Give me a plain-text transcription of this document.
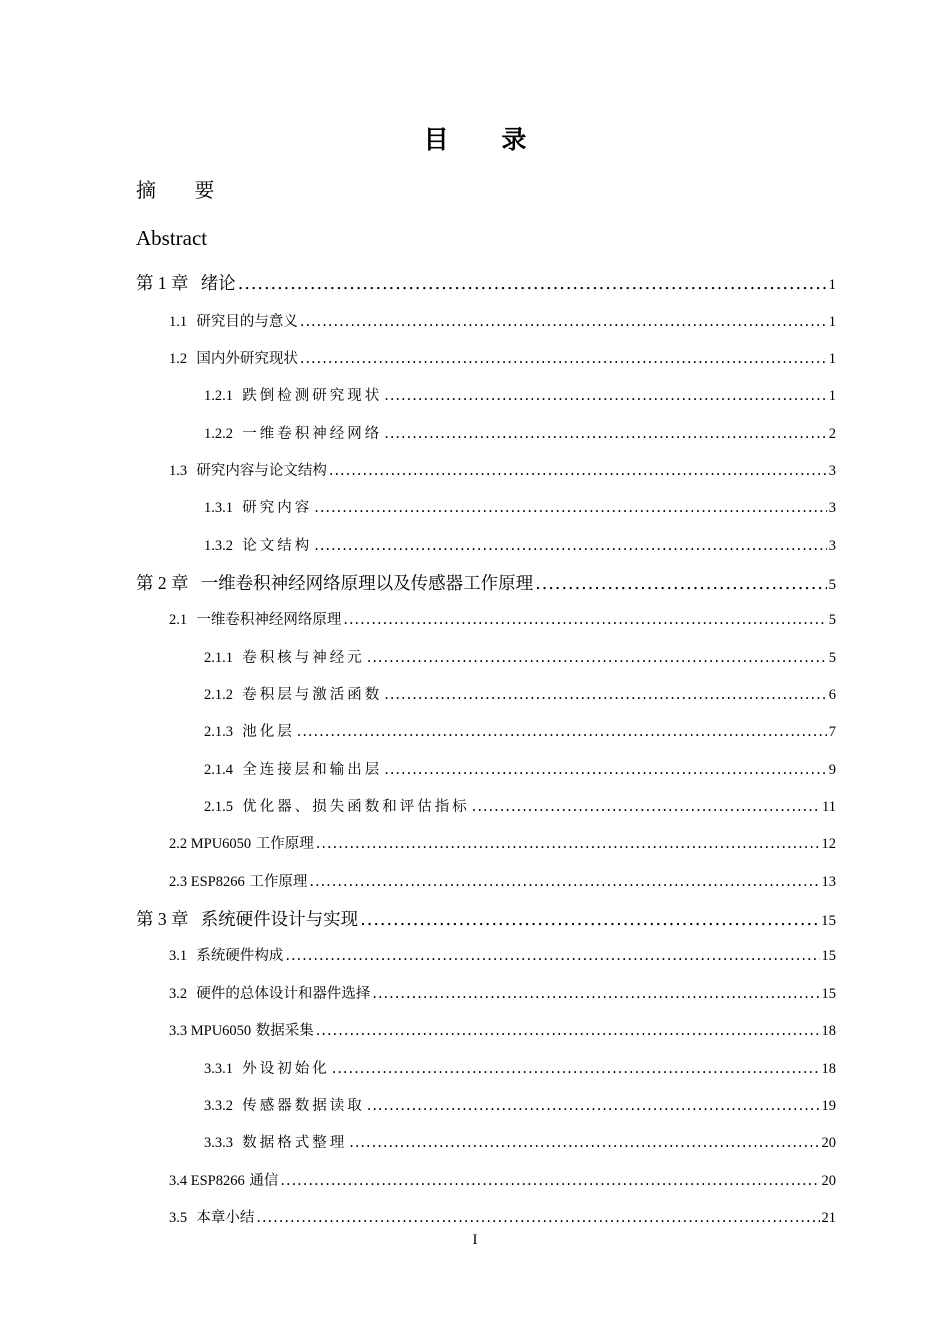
目 录
摘 要
Abstract
第 1 章 绪论 .....	1
1.1 研究目的与意义 .....	1
1.2 国内外研究现状 .....	1
1.2.1 跌倒检测研究现状 .....	1
1.2.2 一维卷积神经网络 .....	2
1.3 研究内容与论文结构 .....	3
1.3.1 研究内容 .....	3
1.3.2 论文结构 .....	3
第 2 章 一维卷积神经网络原理以及传感器工作原理 .....	5
2.1 一维卷积神经网络原理 .....	5
2.1.1 卷积核与神经元 .....	5
2.1.2 卷积层与激活函数 .....	6
2.1.3 池化层 .....	7
2.1.4 全连接层和输出层 .....	9
2.1.5 优化器、损失函数和评估指标 .....	11
2.2 MPU6050 工作原理 .....	12
2.3 ESP8266 工作原理 .....	13
第 3 章 系统硬件设计与实现 .....	15
3.1 系统硬件构成 .....	15
3.2 硬件的总体设计和器件选择 .....	15
3.3 MPU6050 数据采集 .....	18
3.3.1 外设初始化 .....	18
3.3.2 传感器数据读取 .....	19
3.3.3 数据格式整理 .....	20
3.4 ESP8266 通信 .....	20
3.5 本章小结 .....	21
I
